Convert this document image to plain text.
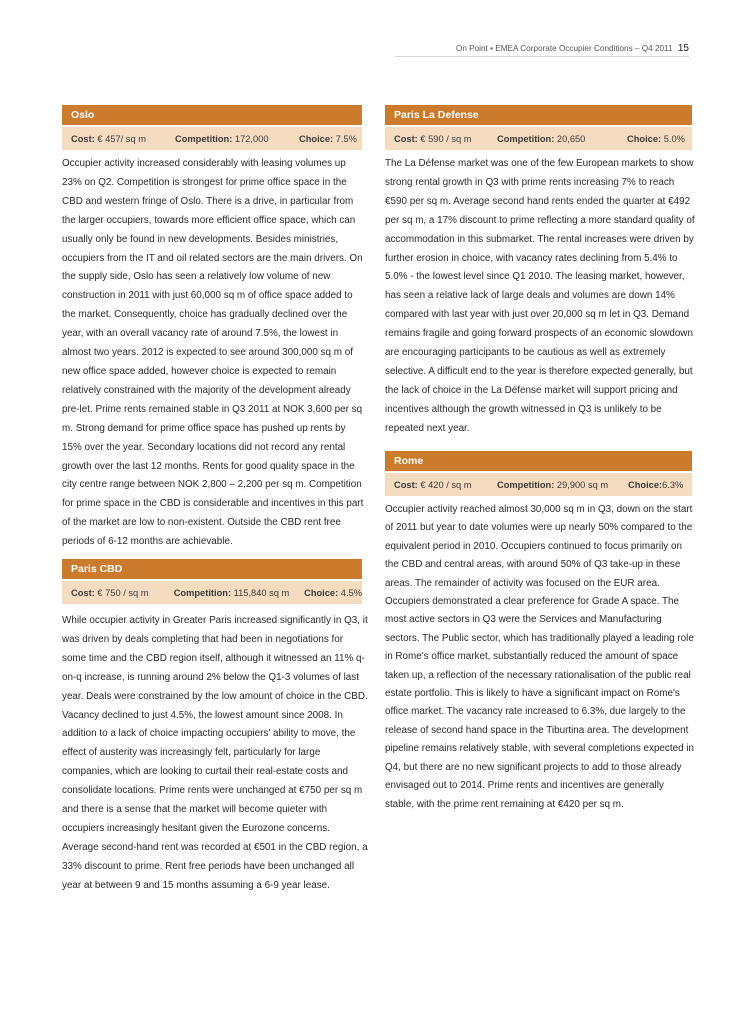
On Point • EMEA Corporate Occupier Conditions – Q4 2011 15
Oslo
Cost: € 457/ sq m	Competition: 172,000	Choice: 7.5%

Occupier activity increased considerably with leasing volumes up 23% on Q2. Competition is strongest for prime office space in the CBD and western fringe of Oslo. There is a drive, in particular from the larger occupiers, towards more efficient office space, which can usually only be found in new developments. Besides ministries, occupiers from the IT and oil related sectors are the main drivers. On the supply side, Oslo has seen a relatively low volume of new construction in 2011 with just 60,000 sq m of office space added to the market. Consequently, choice has gradually declined over the year, with an overall vacancy rate of around 7.5%, the lowest in almost two years. 2012 is expected to see around 300,000 sq m of new office space added, however choice is expected to remain relatively constrained with the majority of the development already pre-let. Prime rents remained stable in Q3 2011 at NOK 3,600 per sq m. Strong demand for prime office space has pushed up rents by 15% over the year. Secondary locations did not record any rental growth over the last 12 months. Rents for good quality space in the city centre range between NOK 2,800 – 2,200 per sq m. Competition for prime space in the CBD is considerable and incentives in this part of the market are low to non-existent. Outside the CBD rent free periods of 6-12 months are achievable.

Paris CBD
Cost: € 750 / sq m	Competition: 115,840 sq m	Choice: 4.5%

While occupier activity in Greater Paris increased significantly in Q3, it was driven by deals completing that had been in negotiations for some time and the CBD region itself, although it witnessed an 11% q-on-q increase, is running around 2% below the Q1-3 volumes of last year. Deals were constrained by the low amount of choice in the CBD. Vacancy declined to just 4.5%, the lowest amount since 2008. In addition to a lack of choice impacting occupiers' ability to move, the effect of austerity was increasingly felt, particularly for large companies, which are looking to curtail their real-estate costs and consolidate locations. Prime rents were unchanged at €750 per sq m and there is a sense that the market will become quieter with occupiers increasingly hesitant given the Eurozone concerns. Average second-hand rent was recorded at €501 in the CBD region, a 33% discount to prime. Rent free periods have been unchanged all year at between 9 and 15 months assuming a 6-9 year lease.

Paris La Defense
Cost: € 590 / sq m	Competition: 20,650	Choice: 5.0%

The La Défense market was one of the few European markets to show strong rental growth in Q3 with prime rents increasing 7% to reach €590 per sq m. Average second hand rents ended the quarter at €492 per sq m, a 17% discount to prime reflecting a more standard quality of accommodation in this submarket. The rental increases were driven by further erosion in choice, with vacancy rates declining from 5.4% to 5.0% - the lowest level since Q1 2010. The leasing market, however, has seen a relative lack of large deals and volumes are down 14% compared with last year with just over 20,000 sq m let in Q3. Demand remains fragile and going forward prospects of an economic slowdown are encouraging participants to be cautious as well as extremely selective. A difficult end to the year is therefore expected generally, but the lack of choice in the La Défense market will support pricing and incentives although the growth witnessed in Q3 is unlikely to be repeated next year.

Rome
Cost: € 420 / sq m	Competition: 29,900 sq m	Choice:6.3%

Occupier activity reached almost 30,000 sq m in Q3, down on the start of 2011 but year to date volumes were up nearly 50% compared to the equivalent period in 2010. Occupiers continued to focus primarily on the CBD and central areas, with around 50% of Q3 take-up in these areas. The remainder of activity was focused on the EUR area. Occupiers demonstrated a clear preference for Grade A space. The most active sectors in Q3 were the Services and Manufacturing sectors. The Public sector, which has traditionally played a leading role in Rome's office market, substantially reduced the amount of space taken up, a reflection of the necessary rationalisation of the public real estate portfolio. This is likely to have a significant impact on Rome's office market. The vacancy rate increased to 6.3%, due largely to the release of second hand space in the Tiburtina area. The development pipeline remains relatively stable, with several completions expected in Q4, but there are no new significant projects to add to those already envisaged out to 2014. Prime rents and incentives are generally stable, with the prime rent remaining at €420 per sq m.
